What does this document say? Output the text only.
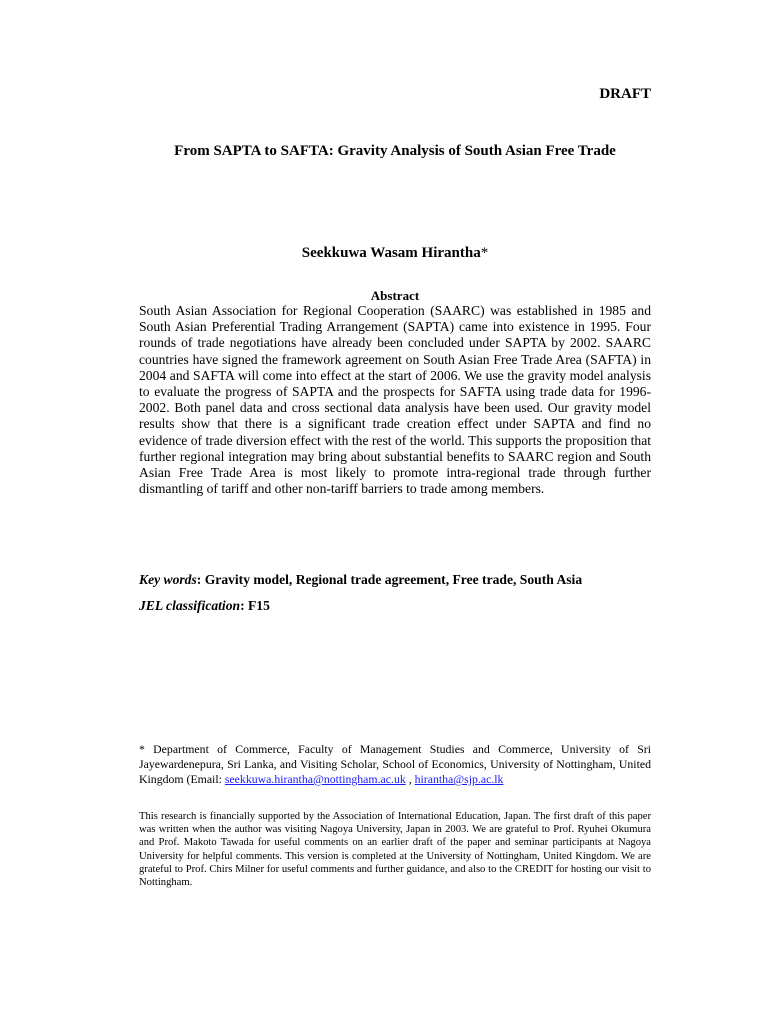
DRAFT
From SAPTA to SAFTA: Gravity Analysis of South Asian Free Trade
Seekkuwa Wasam Hirantha*
Abstract
South Asian Association for Regional Cooperation (SAARC) was established in 1985 and South Asian Preferential Trading Arrangement (SAPTA) came into existence in 1995. Four rounds of trade negotiations have already been concluded under SAPTA by 2002. SAARC countries have signed the framework agreement on South Asian Free Trade Area (SAFTA) in 2004 and SAFTA will come into effect at the start of 2006. We use the gravity model analysis to evaluate the progress of SAPTA and the prospects for SAFTA using trade data for 1996-2002. Both panel data and cross sectional data analysis have been used. Our gravity model results show that there is a significant trade creation effect under SAPTA and find no evidence of trade diversion effect with the rest of the world. This supports the proposition that further regional integration may bring about substantial benefits to SAARC region and South Asian Free Trade Area is most likely to promote intra-regional trade through further dismantling of tariff and other non-tariff barriers to trade among members.
Key words: Gravity model, Regional trade agreement, Free trade, South Asia
JEL classification: F15
* Department of Commerce, Faculty of Management Studies and Commerce, University of Sri Jayewardenepura, Sri Lanka, and Visiting Scholar, School of Economics, University of Nottingham, United Kingdom (Email: seekkuwa.hirantha@nottingham.ac.uk , hirantha@sjp.ac.lk
This research is financially supported by the Association of International Education, Japan. The first draft of this paper was written when the author was visiting Nagoya University, Japan in 2003. We are grateful to Prof. Ryuhei Okumura and Prof. Makoto Tawada for useful comments on an earlier draft of the paper and seminar participants at Nagoya University for helpful comments. This version is completed at the University of Nottingham, United Kingdom. We are grateful to Prof. Chirs Milner for useful comments and further guidance, and also to the CREDIT for hosting our visit to Nottingham.
